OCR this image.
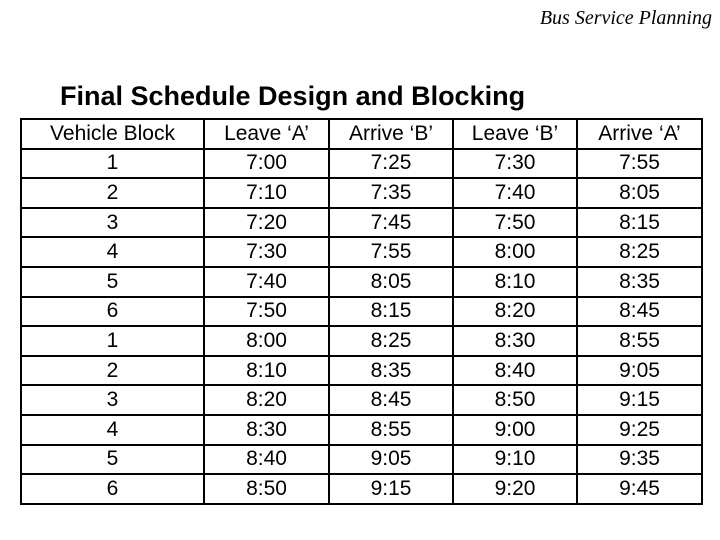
Bus Service Planning
Final Schedule Design and Blocking
Vehicle Block	Leave ‘A’	Arrive ‘B’	Leave ‘B’	Arrive ‘A’
1	7:00	7:25	7:30	7:55
2	7:10	7:35	7:40	8:05
3	7:20	7:45	7:50	8:15
4	7:30	7:55	8:00	8:25
5	7:40	8:05	8:10	8:35
6	7:50	8:15	8:20	8:45
1	8:00	8:25	8:30	8:55
2	8:10	8:35	8:40	9:05
3	8:20	8:45	8:50	9:15
4	8:30	8:55	9:00	9:25
5	8:40	9:05	9:10	9:35
6	8:50	9:15	9:20	9:45
